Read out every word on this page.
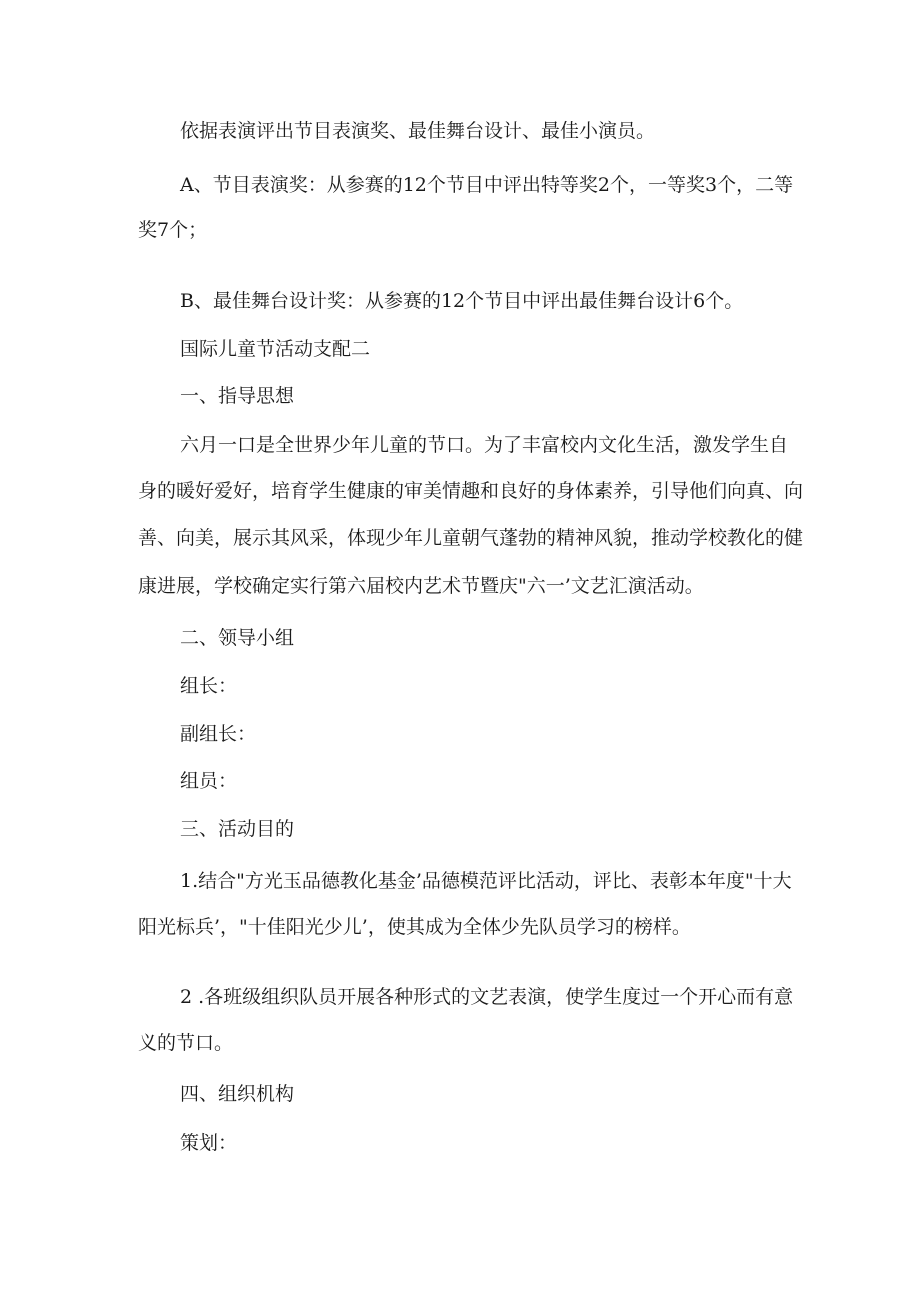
依据表演评出节目表演奖、最佳舞台设计、最佳小演员。

A、节目表演奖：从参赛的12个节目中评出特等奖2个，一等奖3个，二等

奖7个；

B、最佳舞台设计奖：从参赛的12个节目中评出最佳舞台设计6个。

国际儿童节活动支配二

一、指导思想

六月一口是全世界少年儿童的节口。为了丰富校内文化生活，激发学生自

身的暖好爱好，培育学生健康的审美情趣和良好的身体素养，引导他们向真、向

善、向美，展示其风采，体现少年儿童朝气蓬勃的精神风貌，推动学校教化的健

康进展，学校确定实行第六届校内艺术节暨庆"六一’文艺汇演活动。

二、领导小组

组长：

副组长：

组员：

三、活动目的

1.结合"方光玉品德教化基金’品德模范评比活动，评比、表彰本年度"十大

阳光标兵’，"十佳阳光少儿’，使其成为全体少先队员学习的榜样。

2 .各班级组织队员开展各种形式的文艺表演，使学生度过一个开心而有意

义的节口。

四、组织机构

策划：
